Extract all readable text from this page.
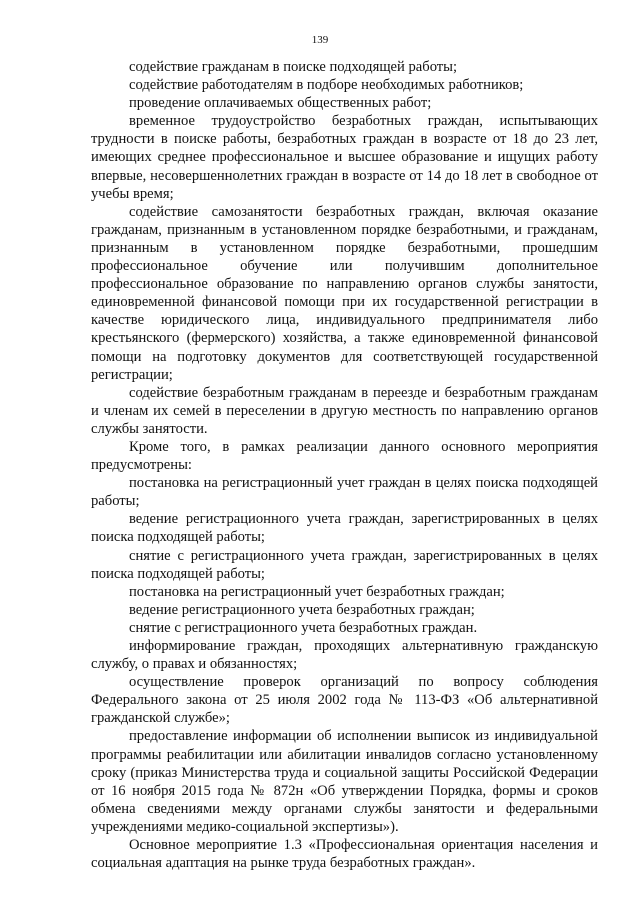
139

содействие гражданам в поиске подходящей работы;

содействие работодателям в подборе необходимых работников;

проведение оплачиваемых общественных работ;

временное трудоустройство безработных граждан, испытывающих трудности в поиске работы, безработных граждан в возрасте от 18 до 23 лет, имеющих среднее профессиональное и высшее образование и ищущих работу впервые, несовершеннолетних граждан в возрасте от 14 до 18 лет в свободное от учебы время;

содействие самозанятости безработных граждан, включая оказание гражданам, признанным в установленном порядке безработными, и гражданам, признанным в установленном порядке безработными, прошедшим профессиональное обучение или получившим дополнительное профессиональное образование по направлению органов службы занятости, единовременной финансовой помощи при их государственной регистрации в качестве юридического лица, индивидуального предпринимателя либо крестьянского (фермерского) хозяйства, а также единовременной финансовой помощи на подготовку документов для соответствующей государственной регистрации;

содействие безработным гражданам в переезде и безработным гражданам и членам их семей в переселении в другую местность по направлению органов службы занятости.

Кроме того, в рамках реализации данного основного мероприятия предусмотрены:

постановка на регистрационный учет граждан в целях поиска подходящей работы;

ведение регистрационного учета граждан, зарегистрированных в целях поиска подходящей работы;

снятие с регистрационного учета граждан, зарегистрированных в целях поиска подходящей работы;

постановка на регистрационный учет безработных граждан;

ведение регистрационного учета безработных граждан;

снятие с регистрационного учета безработных граждан.

информирование граждан, проходящих альтернативную гражданскую службу, о правах и обязанностях;

осуществление проверок организаций по вопросу соблюдения Федерального закона от 25 июля 2002 года № 113-ФЗ «Об альтернативной гражданской службе»;

предоставление информации об исполнении выписок из индивидуальной программы реабилитации или абилитации инвалидов согласно установленному сроку (приказ Министерства труда и социальной защиты Российской Федерации от 16 ноября 2015 года № 872н «Об утверждении Порядка, формы и сроков обмена сведениями между органами службы занятости и федеральными учреждениями медико-социальной экспертизы»).

Основное мероприятие 1.3 «Профессиональная ориентация населения и социальная адаптация на рынке труда безработных граждан».
